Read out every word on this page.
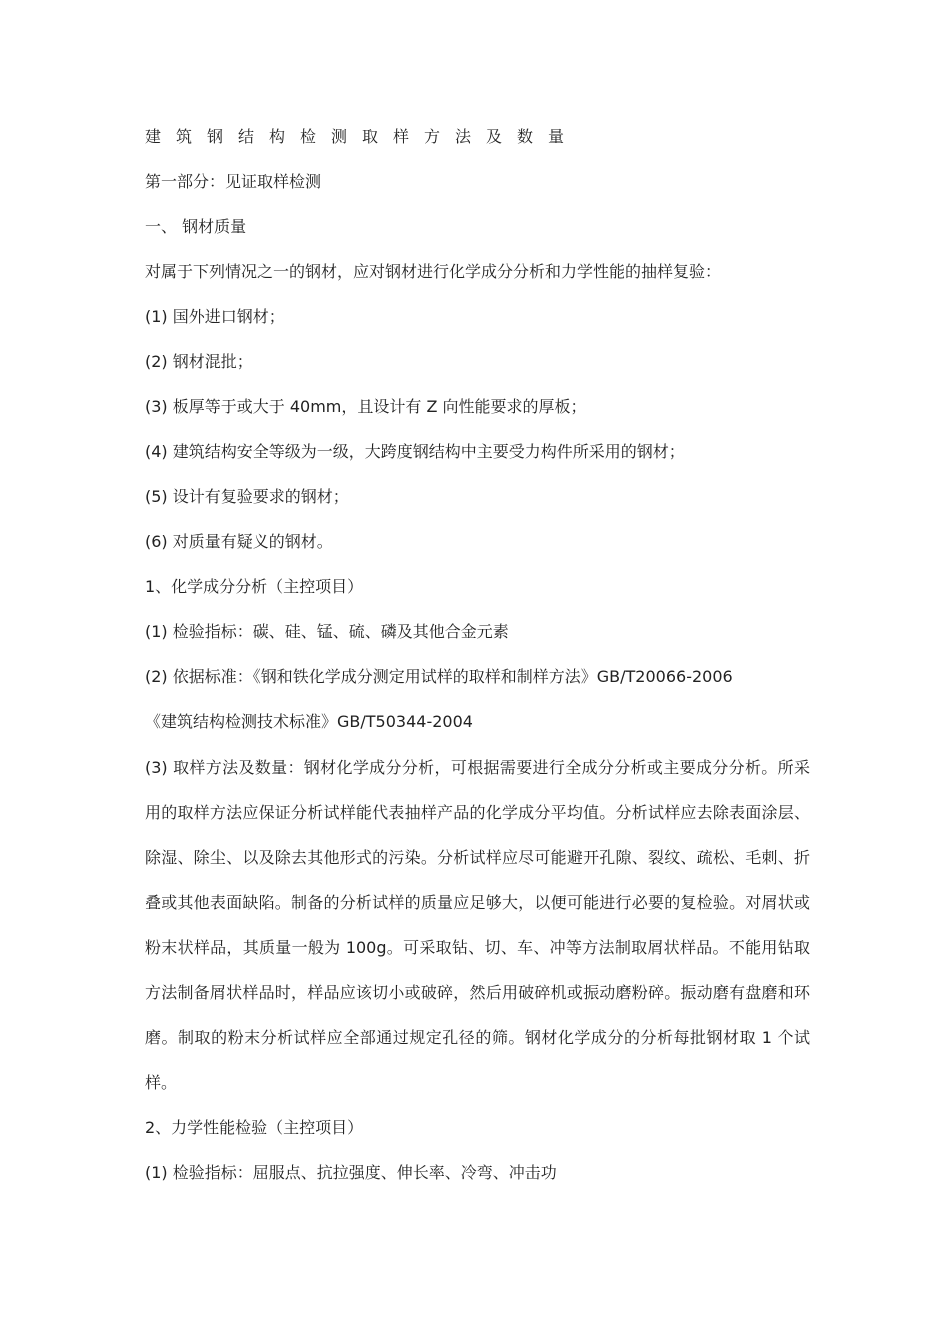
建筑钢结构检测取样方法及数量
第一部分：见证取样检测
一、 钢材质量
对属于下列情况之一的钢材，应对钢材进行化学成分分析和力学性能的抽样复验：
(1) 国外进口钢材；
(2) 钢材混批；
(3) 板厚等于或大于 40mm，且设计有 Z 向性能要求的厚板；
(4) 建筑结构安全等级为一级，大跨度钢结构中主要受力构件所采用的钢材；
(5) 设计有复验要求的钢材；
(6) 对质量有疑义的钢材。
1、化学成分分析（主控项目）
(1) 检验指标：碳、硅、锰、硫、磷及其他合金元素
(2) 依据标准：《钢和铁化学成分测定用试样的取样和制样方法》GB/T20066-2006
《建筑结构检测技术标准》GB/T50344-2004
(3) 取样方法及数量：钢材化学成分分析，可根据需要进行全成分分析或主要成分分析。所采用的取样方法应保证分析试样能代表抽样产品的化学成分平均值。分析试样应去除表面涂层、除湿、除尘、以及除去其他形式的污染。分析试样应尽可能避开孔隙、裂纹、疏松、毛刺、折叠或其他表面缺陷。制备的分析试样的质量应足够大，以便可能进行必要的复检验。对屑状或粉末状样品，其质量一般为 100g。可采取钻、切、车、冲等方法制取屑状样品。不能用钻取方法制备屑状样品时，样品应该切小或破碎，然后用破碎机或振动磨粉碎。振动磨有盘磨和环磨。制取的粉末分析试样应全部通过规定孔径的筛。钢材化学成分的分析每批钢材取 1 个试样。
2、力学性能检验（主控项目）
(1) 检验指标：屈服点、抗拉强度、伸长率、冷弯、冲击功
